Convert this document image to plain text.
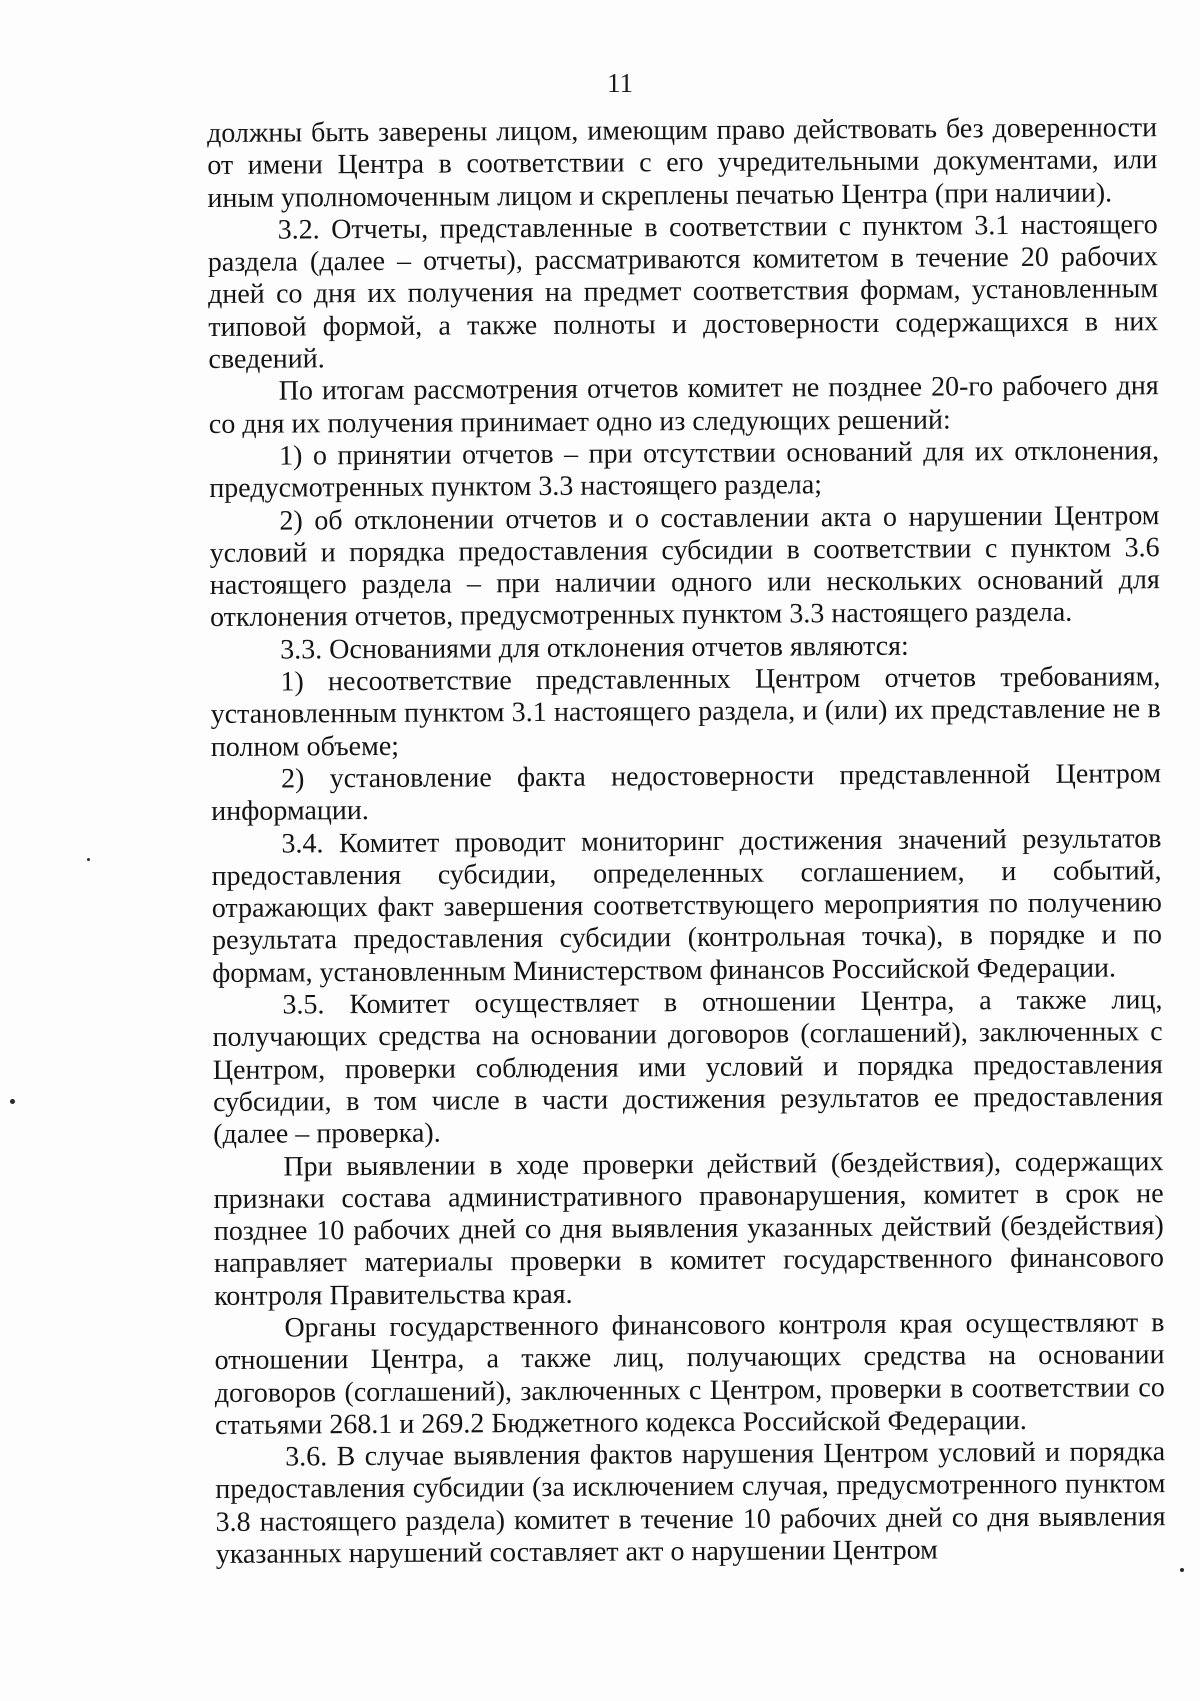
11

должны быть заверены лицом, имеющим право действовать без доверенности от имени Центра в соответствии с его учредительными документами, или иным уполномоченным лицом и скреплены печатью Центра (при наличии).

3.2. Отчеты, представленные в соответствии с пунктом 3.1 настоящего раздела (далее – отчеты), рассматриваются комитетом в течение 20 рабочих дней со дня их получения на предмет соответствия формам, установленным типовой формой, а также полноты и достоверности содержащихся в них сведений.

По итогам рассмотрения отчетов комитет не позднее 20-го рабочего дня со дня их получения принимает одно из следующих решений:

1) о принятии отчетов – при отсутствии оснований для их отклонения, предусмотренных пунктом 3.3 настоящего раздела;

2) об отклонении отчетов и о составлении акта о нарушении Центром условий и порядка предоставления субсидии в соответствии с пунктом 3.6 настоящего раздела – при наличии одного или нескольких оснований для отклонения отчетов, предусмотренных пунктом 3.3 настоящего раздела.

3.3. Основаниями для отклонения отчетов являются:

1) несоответствие представленных Центром отчетов требованиям, установленным пунктом 3.1 настоящего раздела, и (или) их представление не в полном объеме;

2) установление факта недостоверности представленной Центром информации.

3.4. Комитет проводит мониторинг достижения значений результатов предоставления субсидии, определенных соглашением, и событий, отражающих факт завершения соответствующего мероприятия по получению результата предоставления субсидии (контрольная точка), в порядке и по формам, установленным Министерством финансов Российской Федерации.

3.5. Комитет осуществляет в отношении Центра, а также лиц, получающих средства на основании договоров (соглашений), заключенных с Центром, проверки соблюдения ими условий и порядка предоставления субсидии, в том числе в части достижения результатов ее предоставления (далее – проверка).

При выявлении в ходе проверки действий (бездействия), содержащих признаки состава административного правонарушения, комитет в срок не позднее 10 рабочих дней со дня выявления указанных действий (бездействия) направляет материалы проверки в комитет государственного финансового контроля Правительства края.

Органы государственного финансового контроля края осуществляют в отношении Центра, а также лиц, получающих средства на основании договоров (соглашений), заключенных с Центром, проверки в соответствии со статьями 268.1 и 269.2 Бюджетного кодекса Российской Федерации.

3.6. В случае выявления фактов нарушения Центром условий и порядка предоставления субсидии (за исключением случая, предусмотренного пунктом 3.8 настоящего раздела) комитет в течение 10 рабочих дней со дня выявления указанных нарушений составляет акт о нарушении Центром
